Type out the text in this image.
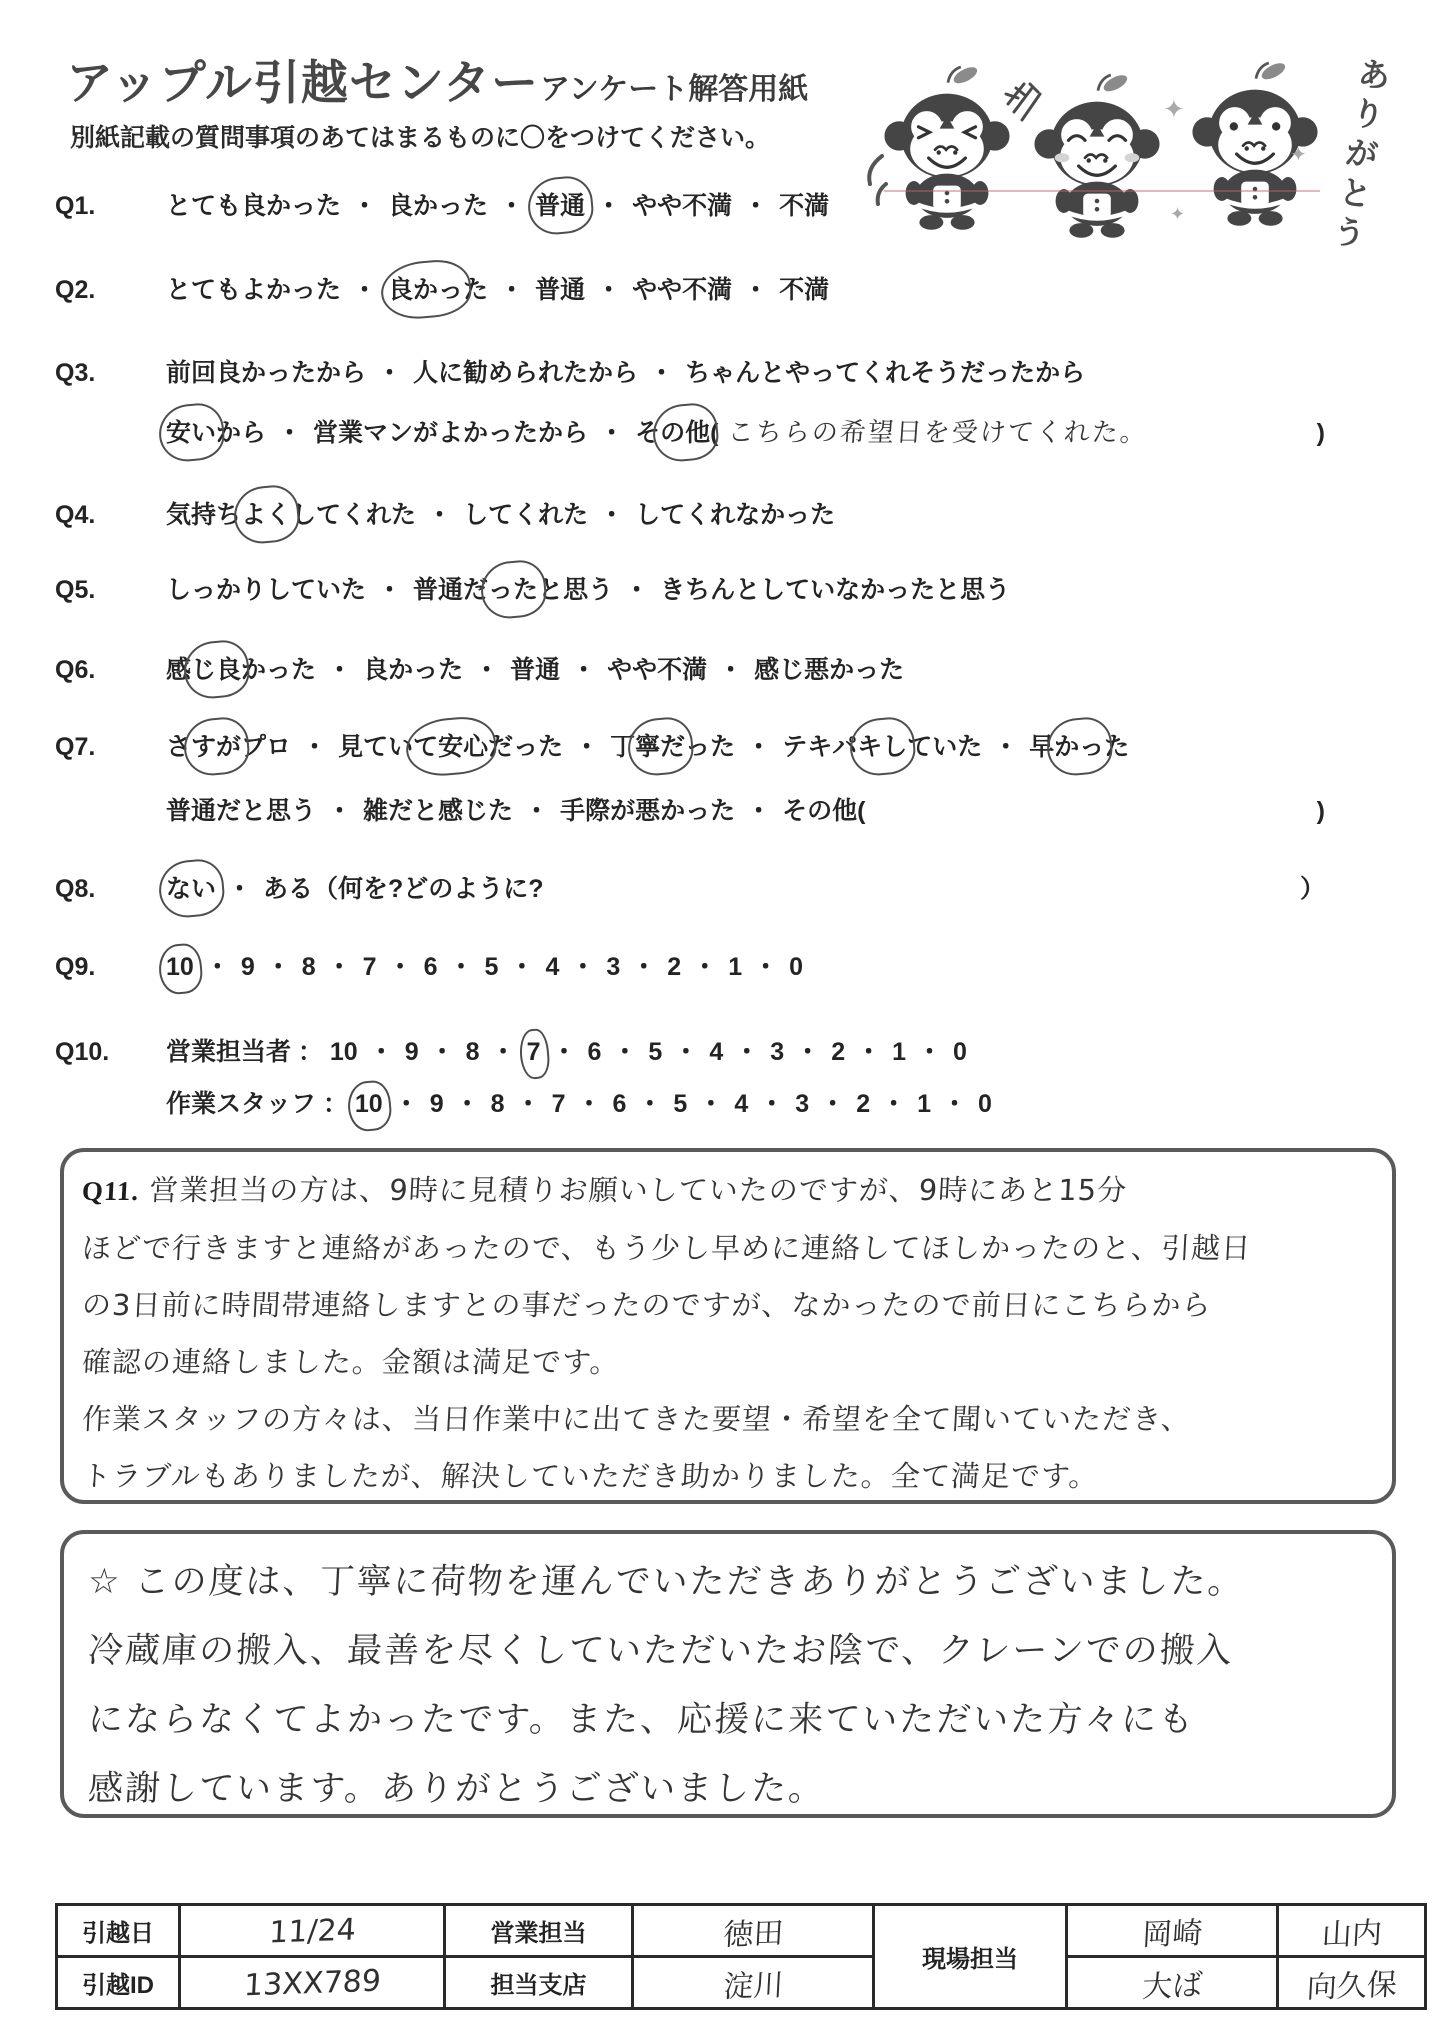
アップル引越センター アンケート解答用紙
別紙記載の質問事項のあてはまるものに〇をつけてください。
✦
✦
✦	ありがとう
Q1.	とても良かった ・ 良かった ・ 普通 ・ やや不満 ・ 不満
Q2.	とてもよかった ・ 良かった ・ 普通 ・ やや不満 ・ 不満
Q3.	前回良かったから ・ 人に勧められたから ・ ちゃんとやってくれそうだったから
安いから ・ 営業マンがよかったから ・ その他( こちらの希望日を受けてくれた。	)
Q4.	気持ちよくしてくれた ・ してくれた ・ してくれなかった
Q5.	しっかりしていた ・ 普通だったと思う ・ きちんとしていなかったと思う
Q6.	感じ良かった ・ 良かった ・ 普通 ・ やや不満 ・ 感じ悪かった
Q7.	さすがプロ ・ 見ていて安心だった ・ 丁寧だった ・ テキパキしていた ・ 早かった
普通だと思う ・ 雑だと感じた ・ 手際が悪かった ・ その他(	)
Q8.	ない ・ ある（何を?どのように?	）
Q9.	10 ・ 9 ・ 8 ・ 7 ・ 6 ・ 5 ・ 4 ・ 3 ・ 2 ・ 1 ・ 0
Q10.	営業担当者 ： 10 ・ 9 ・ 8 ・ 7 ・ 6 ・ 5 ・ 4 ・ 3 ・ 2 ・ 1 ・ 0
作業スタッフ ： 10 ・ 9 ・ 8 ・ 7 ・ 6 ・ 5 ・ 4 ・ 3 ・ 2 ・ 1 ・ 0
Q11. 営業担当の方は、9時に見積りお願いしていたのですが、9時にあと15分
ほどで行きますと連絡があったので、もう少し早めに連絡してほしかったのと、引越日
の3日前に時間帯連絡しますとの事だったのですが、なかったので前日にこちらから
確認の連絡しました。金額は満足です。
作業スタッフの方々は、当日作業中に出てきた要望・希望を全て聞いていただき、
トラブルもありましたが、解決していただき助かりました。全て満足です。
☆ この度は、丁寧に荷物を運んでいただきありがとうございました。
冷蔵庫の搬入、最善を尽くしていただいたお陰で、クレーンでの搬入
にならなくてよかったです。また、応援に来ていただいた方々にも
感謝しています。ありがとうございました。
引越日	11/24	営業担当	徳田	現場担当	岡崎	山内
引越ID	13XX789	担当支店	淀川		大ば	向久保
